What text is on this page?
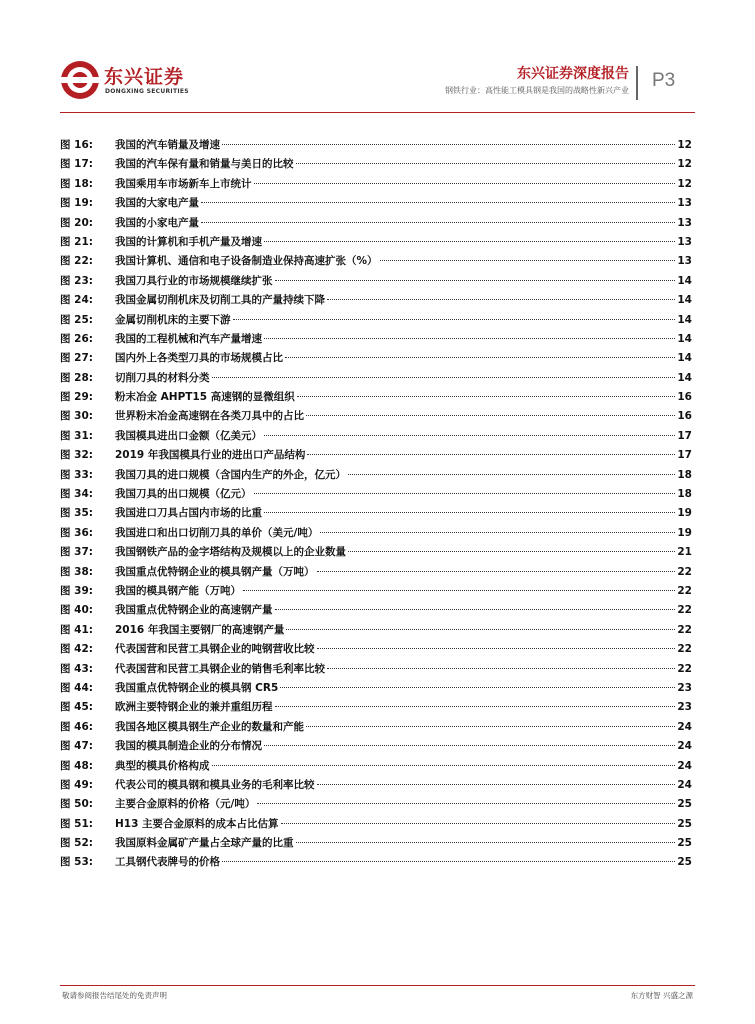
东兴证券
DONGXING SECURITIES
东兴证券深度报告
钢铁行业：高性能工模具钢是我国的战略性新兴产业 P3
图 16:	我国的汽车销量及增速	12
图 17:	我国的汽车保有量和销量与美日的比较	12
图 18:	我国乘用车市场新车上市统计	12
图 19:	我国的大家电产量	13
图 20:	我国的小家电产量	13
图 21:	我国的计算机和手机产量及增速	13
图 22:	我国计算机、通信和电子设备制造业保持高速扩张（%）	13
图 23:	我国刀具行业的市场规模继续扩张	14
图 24:	我国金属切削机床及切削工具的产量持续下降	14
图 25:	金属切削机床的主要下游	14
图 26:	我国的工程机械和汽车产量增速	14
图 27:	国内外上各类型刀具的市场规模占比	14
图 28:	切削刀具的材料分类	14
图 29:	粉末冶金 AHPT15 高速钢的显微组织	16
图 30:	世界粉末冶金高速钢在各类刀具中的占比	16
图 31:	我国模具进出口金额（亿美元）	17
图 32:	2019 年我国模具行业的进出口产品结构	17
图 33:	我国刀具的进口规模（含国内生产的外企，亿元）	18
图 34:	我国刀具的出口规模（亿元）	18
图 35:	我国进口刀具占国内市场的比重	19
图 36:	我国进口和出口切削刀具的单价（美元/吨）	19
图 37:	我国钢铁产品的金字塔结构及规模以上的企业数量	21
图 38:	我国重点优特钢企业的模具钢产量（万吨）	22
图 39:	我国的模具钢产能（万吨）	22
图 40:	我国重点优特钢企业的高速钢产量	22
图 41:	2016 年我国主要钢厂的高速钢产量	22
图 42:	代表国营和民营工具钢企业的吨钢营收比较	22
图 43:	代表国营和民营工具钢企业的销售毛利率比较	22
图 44:	我国重点优特钢企业的模具钢 CR5	23
图 45:	欧洲主要特钢企业的兼并重组历程	23
图 46:	我国各地区模具钢生产企业的数量和产能	24
图 47:	我国的模具制造企业的分布情况	24
图 48:	典型的模具价格构成	24
图 49:	代表公司的模具钢和模具业务的毛利率比较	24
图 50:	主要合金原料的价格（元/吨）	25
图 51:	H13 主要合金原料的成本占比估算	25
图 52:	我国原料金属矿产量占全球产量的比重	25
图 53:	工具钢代表牌号的价格	25
敬请参阅报告结尾处的免责声明	东方财智 兴盛之源
